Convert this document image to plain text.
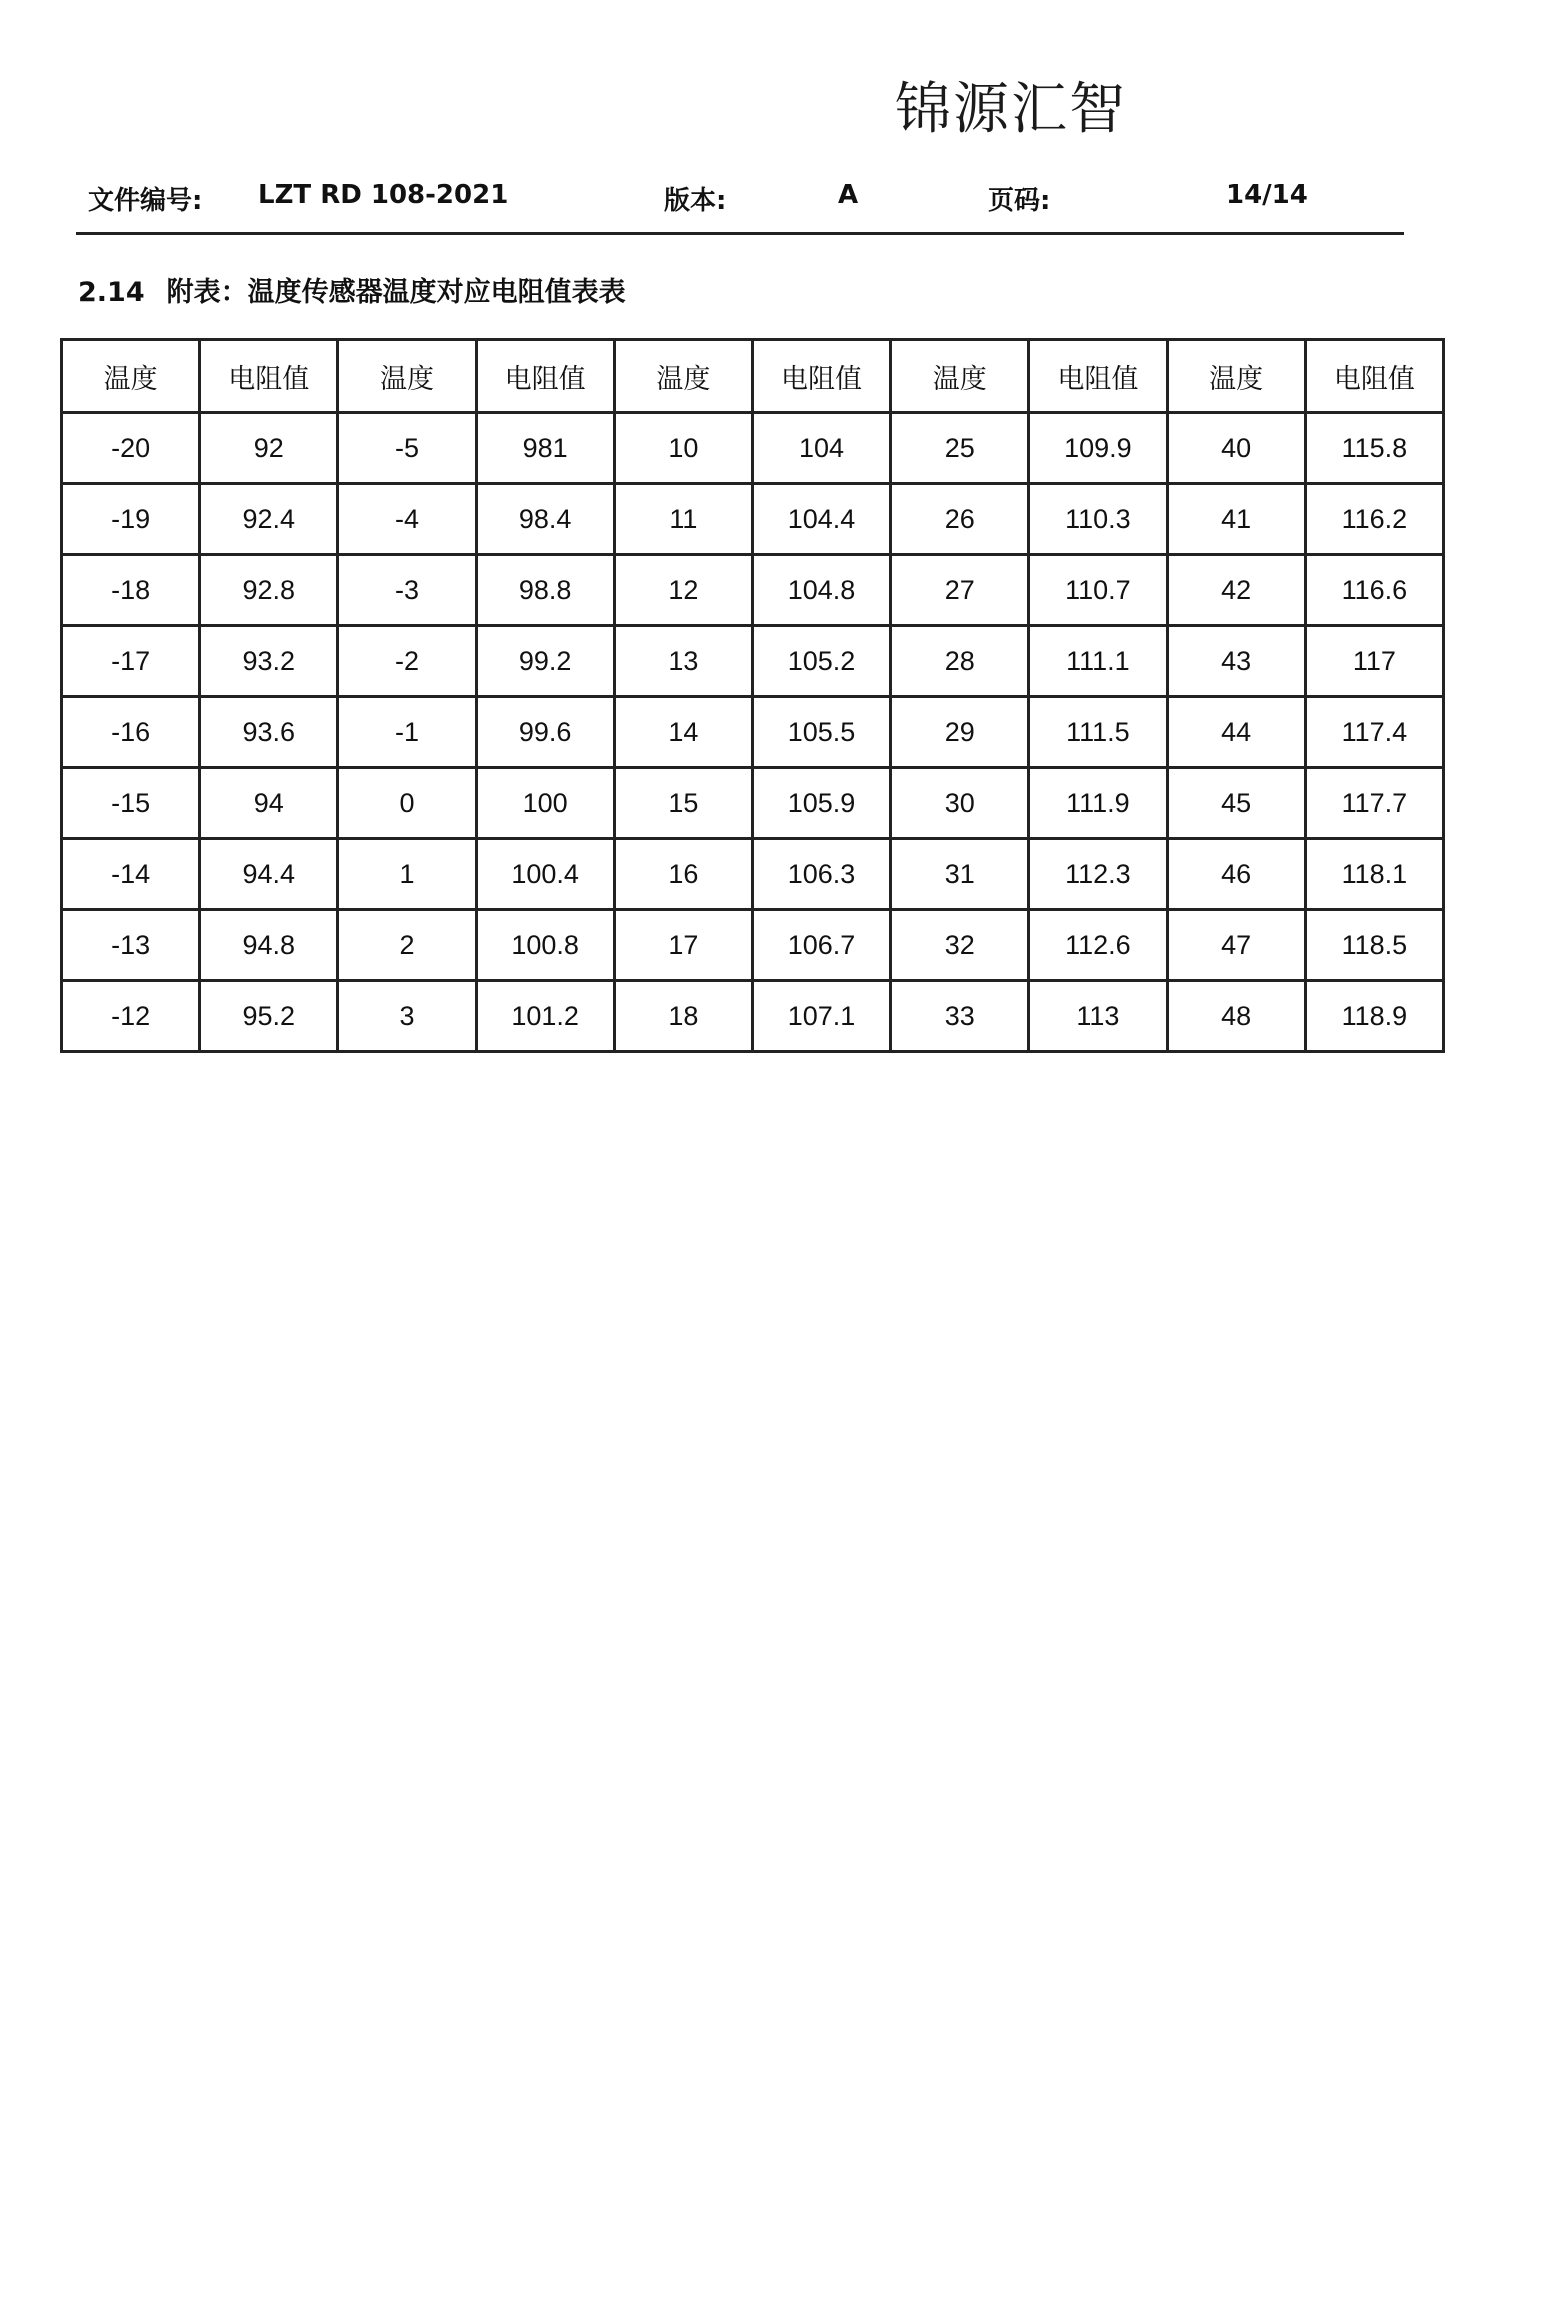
锦源汇智
文件编号: LZT RD 108-2021	版本:	A	页码:	14/14
2.14 附表：温度传感器温度对应电阻值表表
温度	电阻值	温度	电阻值	温度	电阻值	温度	电阻值	温度	电阻值
-20	92	-5	981	10	104	25	109.9	40	115.8
-19	92.4	-4	98.4	11	104.4	26	110.3	41	116.2
-18	92.8	-3	98.8	12	104.8	27	110.7	42	116.6
-17	93.2	-2	99.2	13	105.2	28	111.1	43	117
-16	93.6	-1	99.6	14	105.5	29	111.5	44	117.4
-15	94	0	100	15	105.9	30	111.9	45	117.7
-14	94.4	1	100.4	16	106.3	31	112.3	46	118.1
-13	94.8	2	100.8	17	106.7	32	112.6	47	118.5
-12	95.2	3	101.2	18	107.1	33	113	48	118.9
